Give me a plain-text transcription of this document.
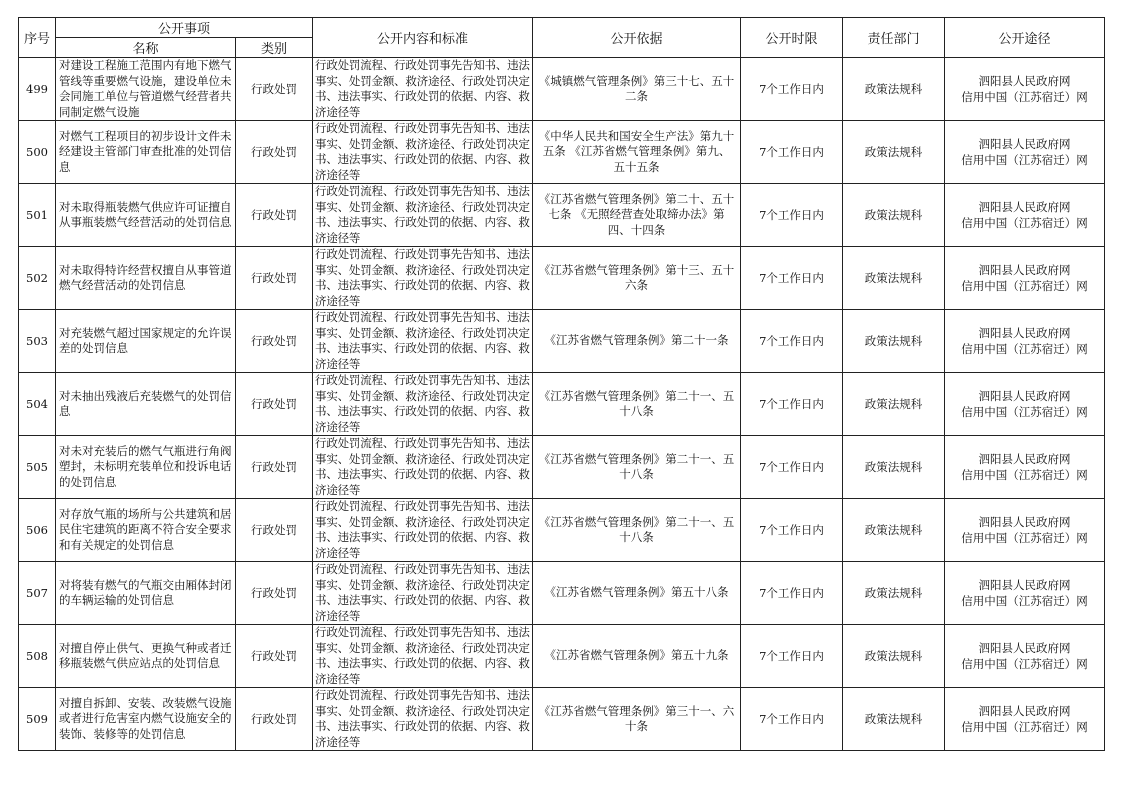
序号	公开事项		公开内容和标准	公开依据	公开时限	责任部门	公开途径
	名称	类别					
499	对建设工程施工范围内有地下燃气管线等重要燃气设施，建设单位未会同施工单位与管道燃气经营者共同制定燃气设施	行政处罚	行政处罚流程、行政处罚事先告知书、违法事实、处罚金额、救济途径、行政处罚决定书、违法事实、行政处罚的依据、内容、救济途径等	《城镇燃气管理条例》第三十七、五十二条	7个工作日内	政策法规科	泗阳县人民政府网
信用中国（江苏宿迁）网

500	对燃气工程项目的初步设计文件未经建设主管部门审查批准的处罚信息	行政处罚	行政处罚流程、行政处罚事先告知书、违法事实、处罚金额、救济途径、行政处罚决定书、违法事实、行政处罚的依据、内容、救济途径等	《中华人民共和国安全生产法》第九十五条 《江苏省燃气管理条例》第九、五十五条	7个工作日内	政策法规科	泗阳县人民政府网
信用中国（江苏宿迁）网

501	对未取得瓶装燃气供应许可证擅自从事瓶装燃气经营活动的处罚信息	行政处罚	行政处罚流程、行政处罚事先告知书、违法事实、处罚金额、救济途径、行政处罚决定书、违法事实、行政处罚的依据、内容、救济途径等	《江苏省燃气管理条例》第二十、五十七条 《无照经营查处取缔办法》第四、十四条	7个工作日内	政策法规科	泗阳县人民政府网
信用中国（江苏宿迁）网

502	对未取得特许经营权擅自从事管道燃气经营活动的处罚信息	行政处罚	行政处罚流程、行政处罚事先告知书、违法事实、处罚金额、救济途径、行政处罚决定书、违法事实、行政处罚的依据、内容、救济途径等	《江苏省燃气管理条例》第十三、五十六条	7个工作日内	政策法规科	泗阳县人民政府网
信用中国（江苏宿迁）网

503	对充装燃气超过国家规定的允许误差的处罚信息	行政处罚	行政处罚流程、行政处罚事先告知书、违法事实、处罚金额、救济途径、行政处罚决定书、违法事实、行政处罚的依据、内容、救济途径等	《江苏省燃气管理条例》第二十一条	7个工作日内	政策法规科	泗阳县人民政府网
信用中国（江苏宿迁）网

504	对未抽出残液后充装燃气的处罚信息	行政处罚	行政处罚流程、行政处罚事先告知书、违法事实、处罚金额、救济途径、行政处罚决定书、违法事实、行政处罚的依据、内容、救济途径等	《江苏省燃气管理条例》第二十一、五十八条	7个工作日内	政策法规科	泗阳县人民政府网
信用中国（江苏宿迁）网

505	对未对充装后的燃气气瓶进行角阀塑封，未标明充装单位和投诉电话的处罚信息	行政处罚	行政处罚流程、行政处罚事先告知书、违法事实、处罚金额、救济途径、行政处罚决定书、违法事实、行政处罚的依据、内容、救济途径等	《江苏省燃气管理条例》第二十一、五十八条	7个工作日内	政策法规科	泗阳县人民政府网
信用中国（江苏宿迁）网

506	对存放气瓶的场所与公共建筑和居民住宅建筑的距离不符合安全要求和有关规定的处罚信息	行政处罚	行政处罚流程、行政处罚事先告知书、违法事实、处罚金额、救济途径、行政处罚决定书、违法事实、行政处罚的依据、内容、救济途径等	《江苏省燃气管理条例》第二十一、五十八条	7个工作日内	政策法规科	泗阳县人民政府网
信用中国（江苏宿迁）网

507	对将装有燃气的气瓶交由厢体封闭的车辆运输的处罚信息	行政处罚	行政处罚流程、行政处罚事先告知书、违法事实、处罚金额、救济途径、行政处罚决定书、违法事实、行政处罚的依据、内容、救济途径等	《江苏省燃气管理条例》第五十八条	7个工作日内	政策法规科	泗阳县人民政府网
信用中国（江苏宿迁）网

508	对擅自停止供气、更换气种或者迁移瓶装燃气供应站点的处罚信息	行政处罚	行政处罚流程、行政处罚事先告知书、违法事实、处罚金额、救济途径、行政处罚决定书、违法事实、行政处罚的依据、内容、救济途径等	《江苏省燃气管理条例》第五十九条	7个工作日内	政策法规科	泗阳县人民政府网
信用中国（江苏宿迁）网

509	对擅自拆卸、安装、改装燃气设施或者进行危害室内燃气设施安全的装饰、装修等的处罚信息	行政处罚	行政处罚流程、行政处罚事先告知书、违法事实、处罚金额、救济途径、行政处罚决定书、违法事实、行政处罚的依据、内容、救济途径等	《江苏省燃气管理条例》第三十一、六十条	7个工作日内	政策法规科	泗阳县人民政府网
信用中国（江苏宿迁）网
